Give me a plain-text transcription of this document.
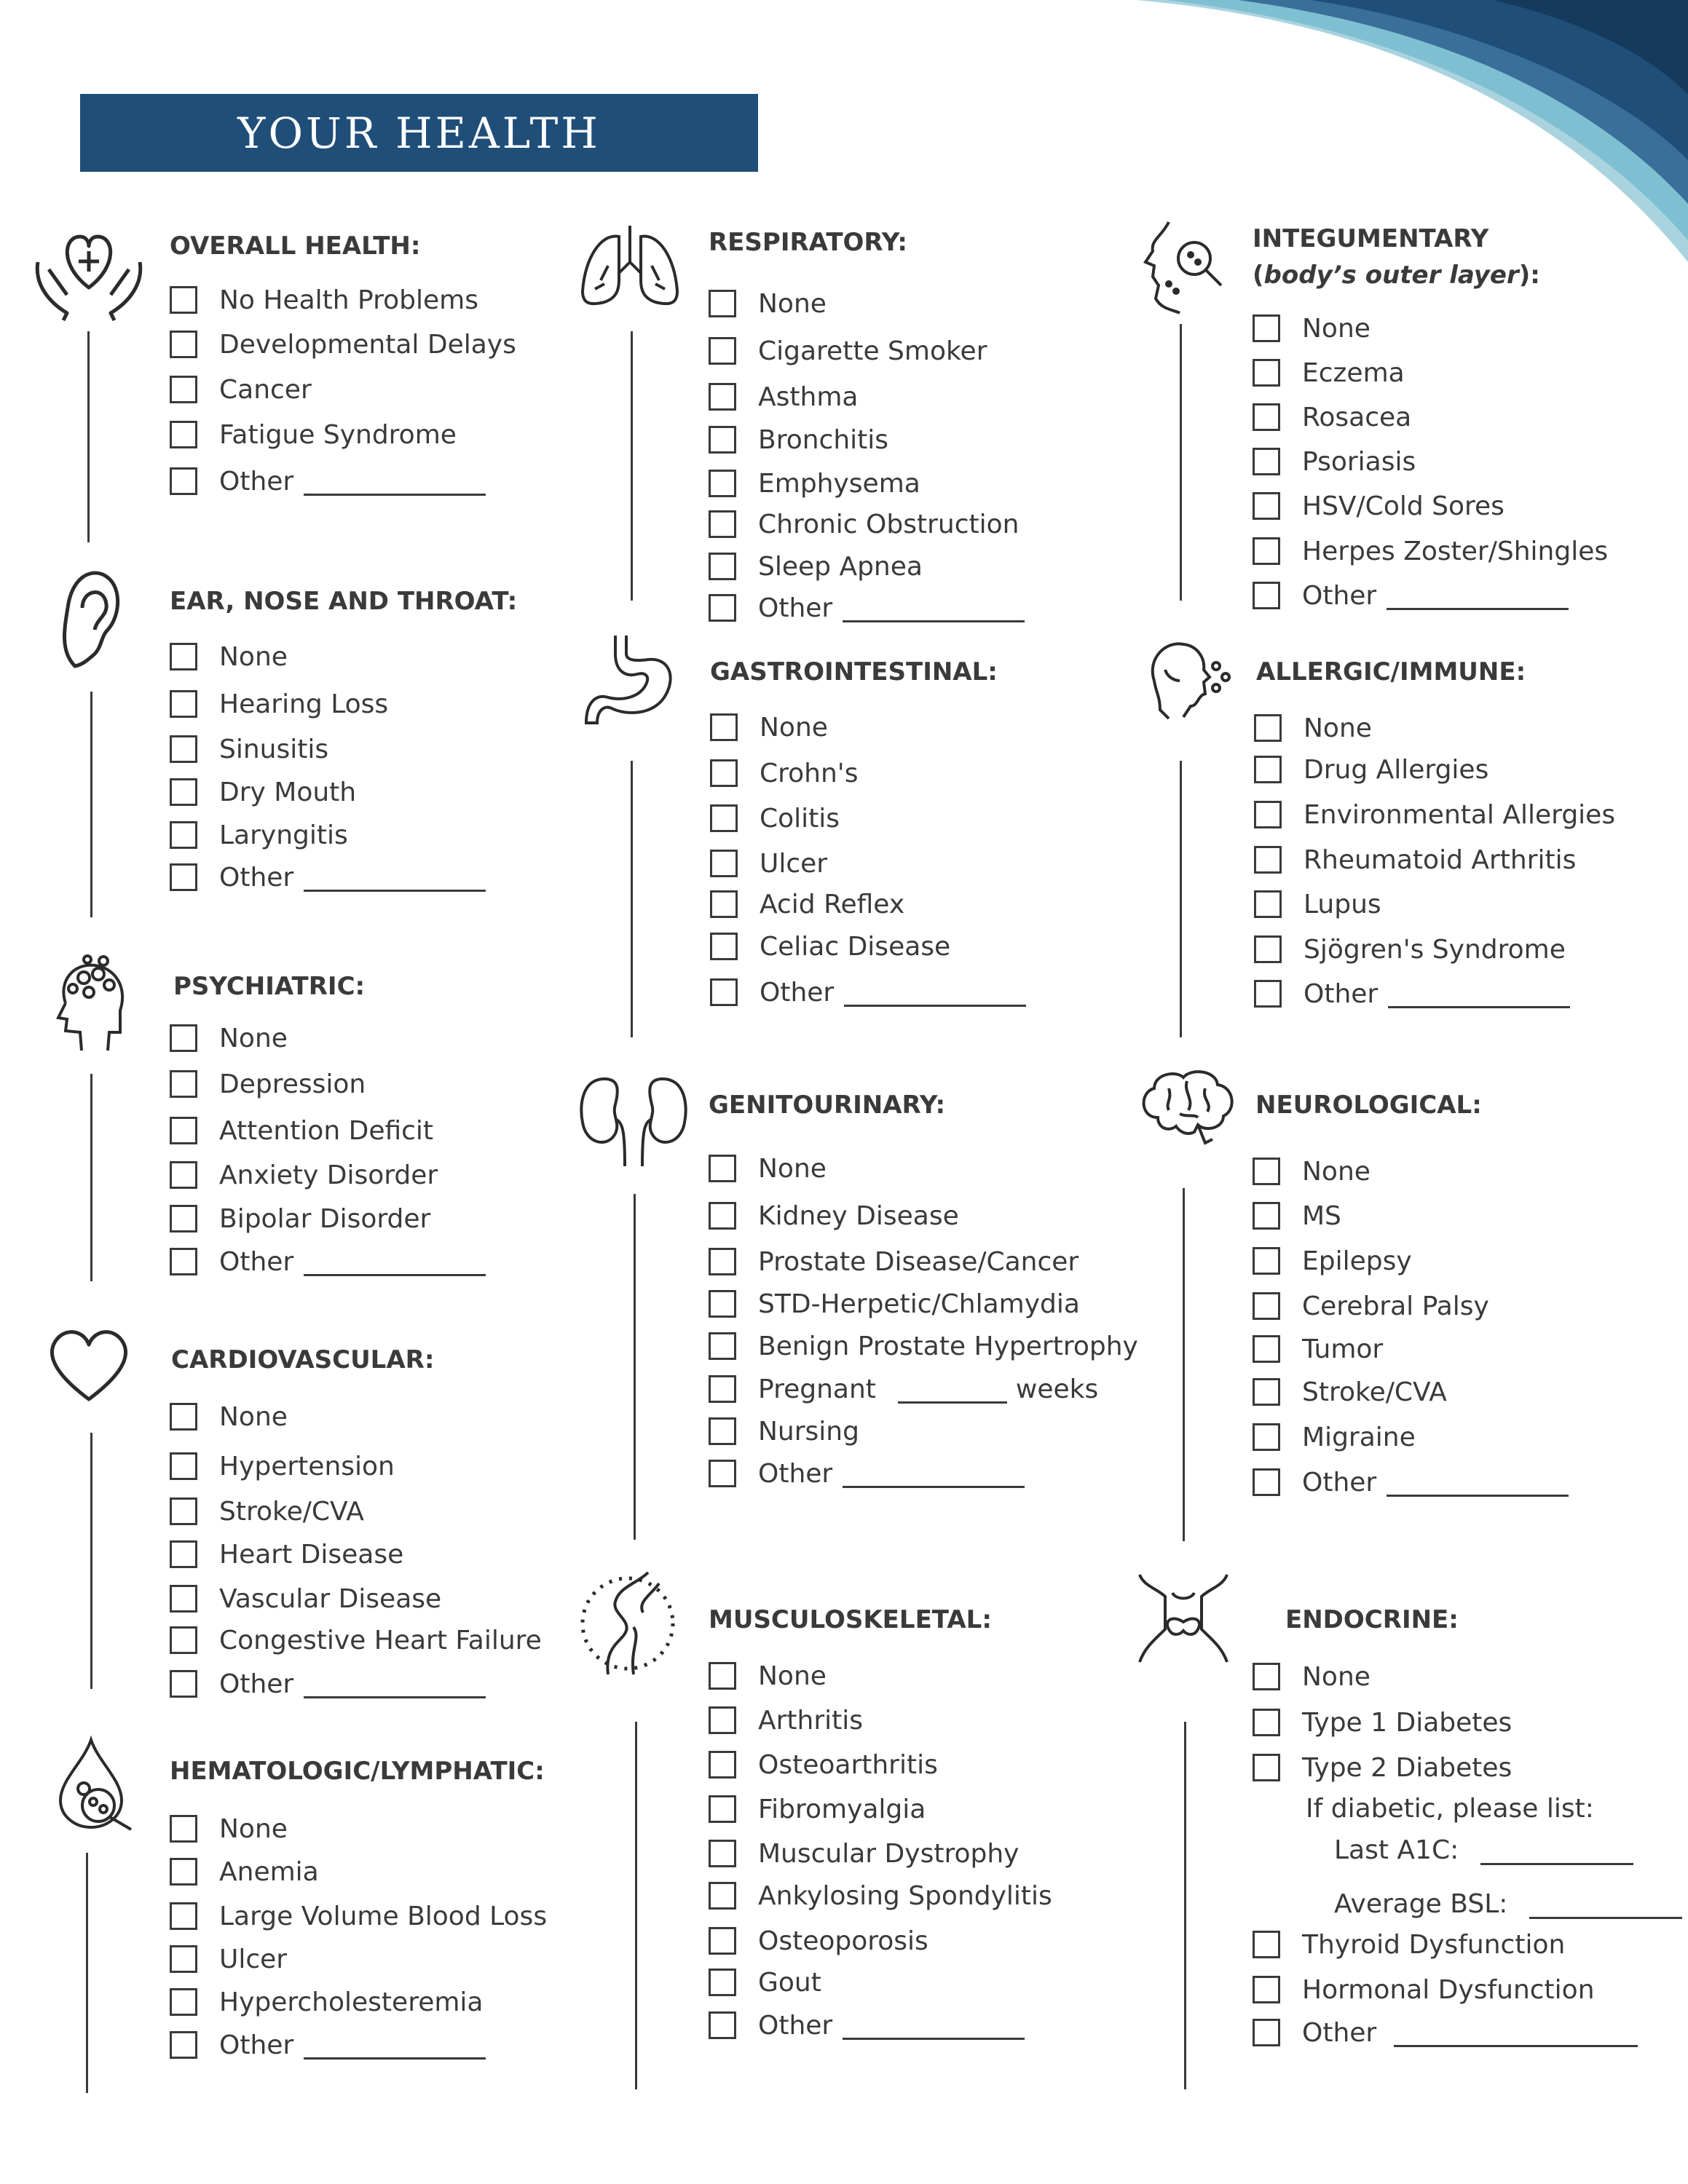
YOUR HEALTH
OVERALL HEALTH:
No Health Problems
Developmental Delays
Cancer
Fatigue Syndrome
Other
EAR, NOSE AND THROAT:
None
Hearing Loss
Sinusitis
Dry Mouth
Laryngitis
Other
PSYCHIATRIC:
None
Depression
Attention Deficit
Anxiety Disorder
Bipolar Disorder
Other
CARDIOVASCULAR:
None
Hypertension
Stroke/CVA
Heart Disease
Vascular Disease
Congestive Heart Failure
Other
HEMATOLOGIC/LYMPHATIC:
None
Anemia
Large Volume Blood Loss
Ulcer
Hypercholesteremia
Other
RESPIRATORY:
None
Cigarette Smoker
Asthma
Bronchitis
Emphysema
Chronic Obstruction
Sleep Apnea
Other
GASTROINTESTINAL:
None
Crohn's
Colitis
Ulcer
Acid Reflex
Celiac Disease
Other
GENITOURINARY:
None
Kidney Disease
Prostate Disease/Cancer
STD-Herpetic/Chlamydia
Benign Prostate Hypertrophy
Pregnant	weeks
Nursing
Other
MUSCULOSKELETAL:
None
Arthritis
Osteoarthritis
Fibromyalgia
Muscular Dystrophy
Ankylosing Spondylitis
Osteoporosis
Gout
Other
INTEGUMENTARY
(body’s outer layer):
None
Eczema
Rosacea
Psoriasis
HSV/Cold Sores
Herpes Zoster/Shingles
Other
ALLERGIC/IMMUNE:
None
Drug Allergies
Environmental Allergies
Rheumatoid Arthritis
Lupus
Sjögren's Syndrome
Other
NEUROLOGICAL:
None
MS
Epilepsy
Cerebral Palsy
Tumor
Stroke/CVA
Migraine
Other
ENDOCRINE:
None
Type 1 Diabetes
Type 2 Diabetes
If diabetic, please list:
Last A1C:
Average BSL:
Thyroid Dysfunction
Hormonal Dysfunction
Other
